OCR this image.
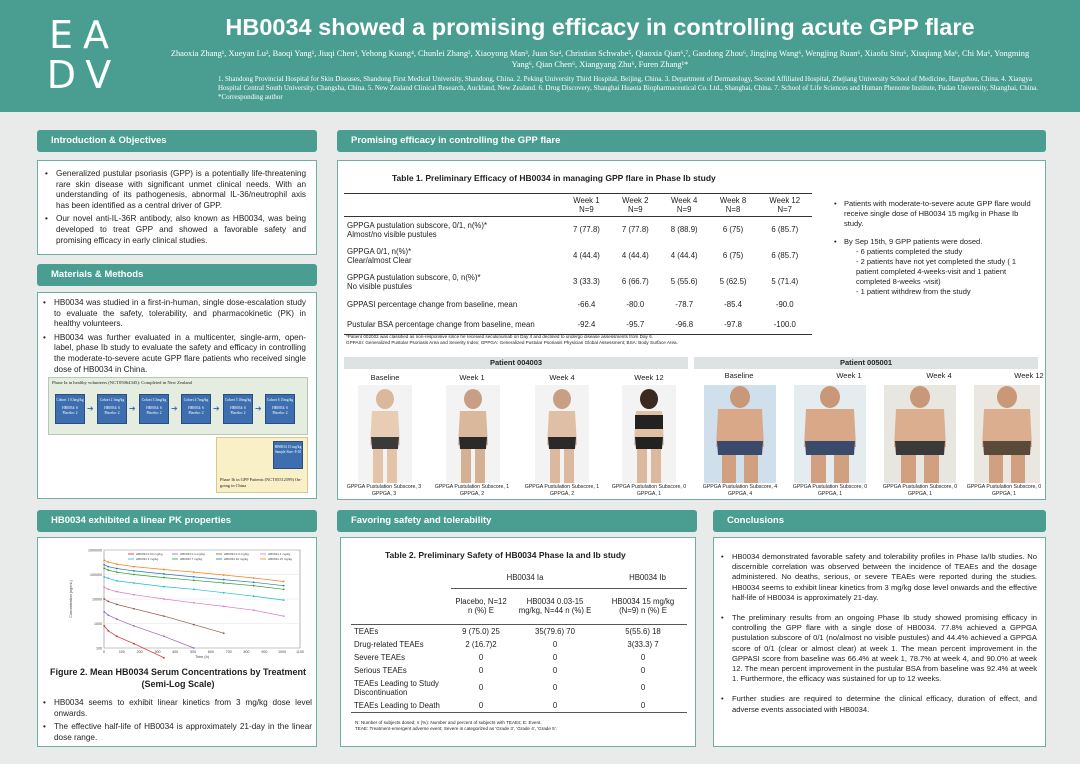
EA
DV
HB0034 showed a promising efficacy in controlling acute GPP flare
Zhaoxia Zhang¹, Xueyan Lu², Baoqi Yang¹, Jiuqi Chen³, Yehong Kuang⁴, Chunlei Zhang², Xiaoyong Man³, Juan Su⁴, Christian Schwabe⁵, Qiaoxia Qian⁶,⁷, Gaodong Zhou⁶, Jingjing Wang⁶, Wengjing Ruan⁶, Xiaofu Situ⁶, Xiuqiang Ma⁶, Chi Ma⁶, Yongming Yang⁶, Qian Chen⁶, Xiangyang Zhu⁶, Furen Zhang¹*
1. Shandong Provincial Hospital for Skin Diseases, Shandong First Medical University, Shandong, China. 2. Peking University Third Hospital, Beijing, China. 3. Department of Dermatology, Second Affiliated Hospital, Zhejiang University School of Medicine, Hangzhou, China. 4. Xiangya Hospital Central South University, Changsha, China. 5. New Zealand Clinical Research, Auckland, New Zealand. 6. Drug Discovery, Shanghai Huaota Biopharmaceutical Co. Ltd., Shanghai, China. 7. School of Life Sciences and Human Phenome Institute, Fudan University, Shanghai, China.
*Corresponding author
Introduction & Objectives
• Generalized pustular psoriasis (GPP) is a potentially life-threatening rare skin disease with significant unmet clinical needs. With an understanding of its pathogenesis, abnormal IL-36/neutrophil axis has been identified as a central driver of GPP.
• Our novel anti-IL-36R antibody, also known as HB0034, was being developed to treat GPP and showed a favorable safety and promising efficacy in early clinical studies.
Materials & Methods
• HB0034 was studied in a first-in-human, single dose-escalation study to evaluate the safety, tolerability, and pharmacokinetic (PK) in healthy volunteers.
• HB0034 was further evaluated in a multicenter, single-arm, open-label, phase Ib study to evaluate the safety and efficacy in controlling the moderate-to-severe acute GPP flare patients who received single dose of HB0034 in China.
Phase Ia in healthy volunteers (NCT05064345): Completed in New Zealand
Cohort 1 0.3mg/kg
HB0034: 6 Placebo: 2	➔
Cohort 2 1mg/kg
HB0034: 6 Placebo: 2	➔
Cohort 3 3mg/kg
HB0034: 6 Placebo: 2	➔
Cohort 4 7mg/kg
HB0034: 6 Placebo: 2	➔
Cohort 5 10mg/kg
HB0034: 6 Placebo: 2	➔
Cohort 6 15mg/kg
HB0034: 6 Placebo: 2
HB0034 15 mg/kg Sample Size: 8-10
Phase Ib in GPP Patients (NCT05512599) On-going in China
HB0034 exhibited a linear PK properties
1000000
100000
10000
1000
100
0	100	200	300	400	500	600	700	800	900	1000	1100
Time (h)
Concentration (ng/mL)
HB0034 0.03 mg/kg	HB0034 0.1 mg/kg	HB0034 0.3 mg/kg	HB0034 1 mg/kg
HB0034 3 mg/kg	HB0034 7 mg/kg	HB0034 10 mg/kg	HB0034 15 mg/kg
Figure 2. Mean HB0034 Serum Concentrations by Treatment (Semi-Log Scale)
• HB0034 seems to exhibit linear kinetics from 3 mg/kg dose level onwards.
• The effective half-life of HB0034 is approximately 21-day in the linear dose range.
Promising efficacy in controlling the GPP flare
Table 1. Preliminary Efficacy of HB0034 in managing GPP flare in Phase Ib study
	Week 1
N=9	Week 2
N=9	Week 4
N=9	Week 8
N=8	Week 12
N=7
GPPGA pustulation subscore, 0/1, n(%)*
Almost/no visible pustules	7 (77.8)	7 (77.8)	8 (88.9)	6 (75)	6 (85.7)
GPPGA 0/1, n(%)*
Clear/almost Clear	4 (44.4)	4 (44.4)	4 (44.4)	6 (75)	6 (85.7)
GPPGA pustulation subscore, 0, n(%)*
No visible pustules	3 (33.3)	6 (66.7)	5 (55.6)	5 (62.5)	5 (71.4)
GPPASI percentage change from baseline, mean	-66.4	-80.0	-78.7	-85.4	-90.0
Pustular BSA percentage change from baseline, mean	-92.4	-95.7	-96.8	-97.8	-100.0
*Patient 002002 was classified as non-responsive since he received secukinumab on Day 4 and declined to undergo disease assessments from Day 6.
GPPASI: Generalized Pustular Psoriasis Area and Severity Index; GPPGA: Generalized Pustular Psoriasis Physician Global Assessment; BSA: Body Surface Area.
• Patients with moderate-to-severe acute GPP flare would receive single dose of HB0034 15 mg/kg in Phase Ib study.
• By Sep 15th, 9 GPP patients were dosed.
- 6 patients completed the study
- 2 patients have not yet completed the study ( 1 patient completed 4-weeks-visit and 1 patient completed 8-weeks -visit)
- 1 patient withdrew from the study
Patient 004003	Patient 005001
Baseline	Week 1	Week 4	Week 12	Baseline	Week 1	Week 4	Week 12
GPPGA Pustulation Subscore, 3 GPPGA, 3
GPPGA Pustulation Subscore, 1 GPPGA, 2
GPPGA Pustulation Subscore, 1 GPPGA, 2
GPPGA Pustulation Subscore, 0 GPPGA, 1
GPPGA Pustulation Subscore, 4 GPPGA, 4
GPPGA Pustulation Subscore, 0 GPPGA, 1
GPPGA Pustulation Subscore, 0 GPPGA, 1
GPPGA Pustulation Subscore, 0 GPPGA, 1
Favoring safety and tolerability
Table 2. Preliminary Safety of HB0034 Phase Ia and Ib study
	HB0034 Ia		HB0034 Ib
	Placebo, N=12 n (%) E	HB0034 0.03-15 mg/kg, N=44 n (%) E	HB0034 15 mg/kg (N=9) n (%) E
TEAEs	9 (75.0) 25	35(79.6) 70	5(55.6) 18
Drug-related TEAEs	2 (16.7)2	0	3(33.3) 7
Severe TEAEs	0	0	0
Serious TEAEs	0	0	0
TEAEs Leading to Study Discontinuation	0	0	0
TEAEs Leading to Death	0	0	0
N: Number of subjects dosed; n (%): Number and percent of subjects with TEAEs; E: Event.
TEAE: Treatment-emergent adverse event; Severe is categorized as 'Grade 3', 'Grade 4', 'Grade 5'.
Conclusions
• HB0034 demonstrated favorable safety and tolerability profiles in Phase Ia/Ib studies. No discernible correlation was observed between the incidence of TEAEs and the dosage administered. No deaths, serious, or severe TEAEs were reported during the studies. HB0034 seems to exhibit linear kinetics from 3 mg/kg dose level onwards and the effective half-life of HB0034 is approximately 21-day.
• The preliminary results from an ongoing Phase Ib study showed promising efficacy in controlling the GPP flare with a single dose of HB0034. 77.8% achieved a GPPGA pustulation subscore of 0/1 (no/almost no visible pustules) and 44.4% achieved a GPPGA score of 0/1 (clear or almost clear) at week 1. The mean percent improvement in the GPPASI score from baseline was 66.4% at week 1, 78.7% at week 4, and 90.0% at week 12. The mean percent improvement in the pustular BSA from baseline was 92.4% at week 1. Furthermore, the efficacy was sustained for up to 12 weeks.
• Further studies are required to determine the clinical efficacy, duration of effect, and adverse events associated with HB0034.
